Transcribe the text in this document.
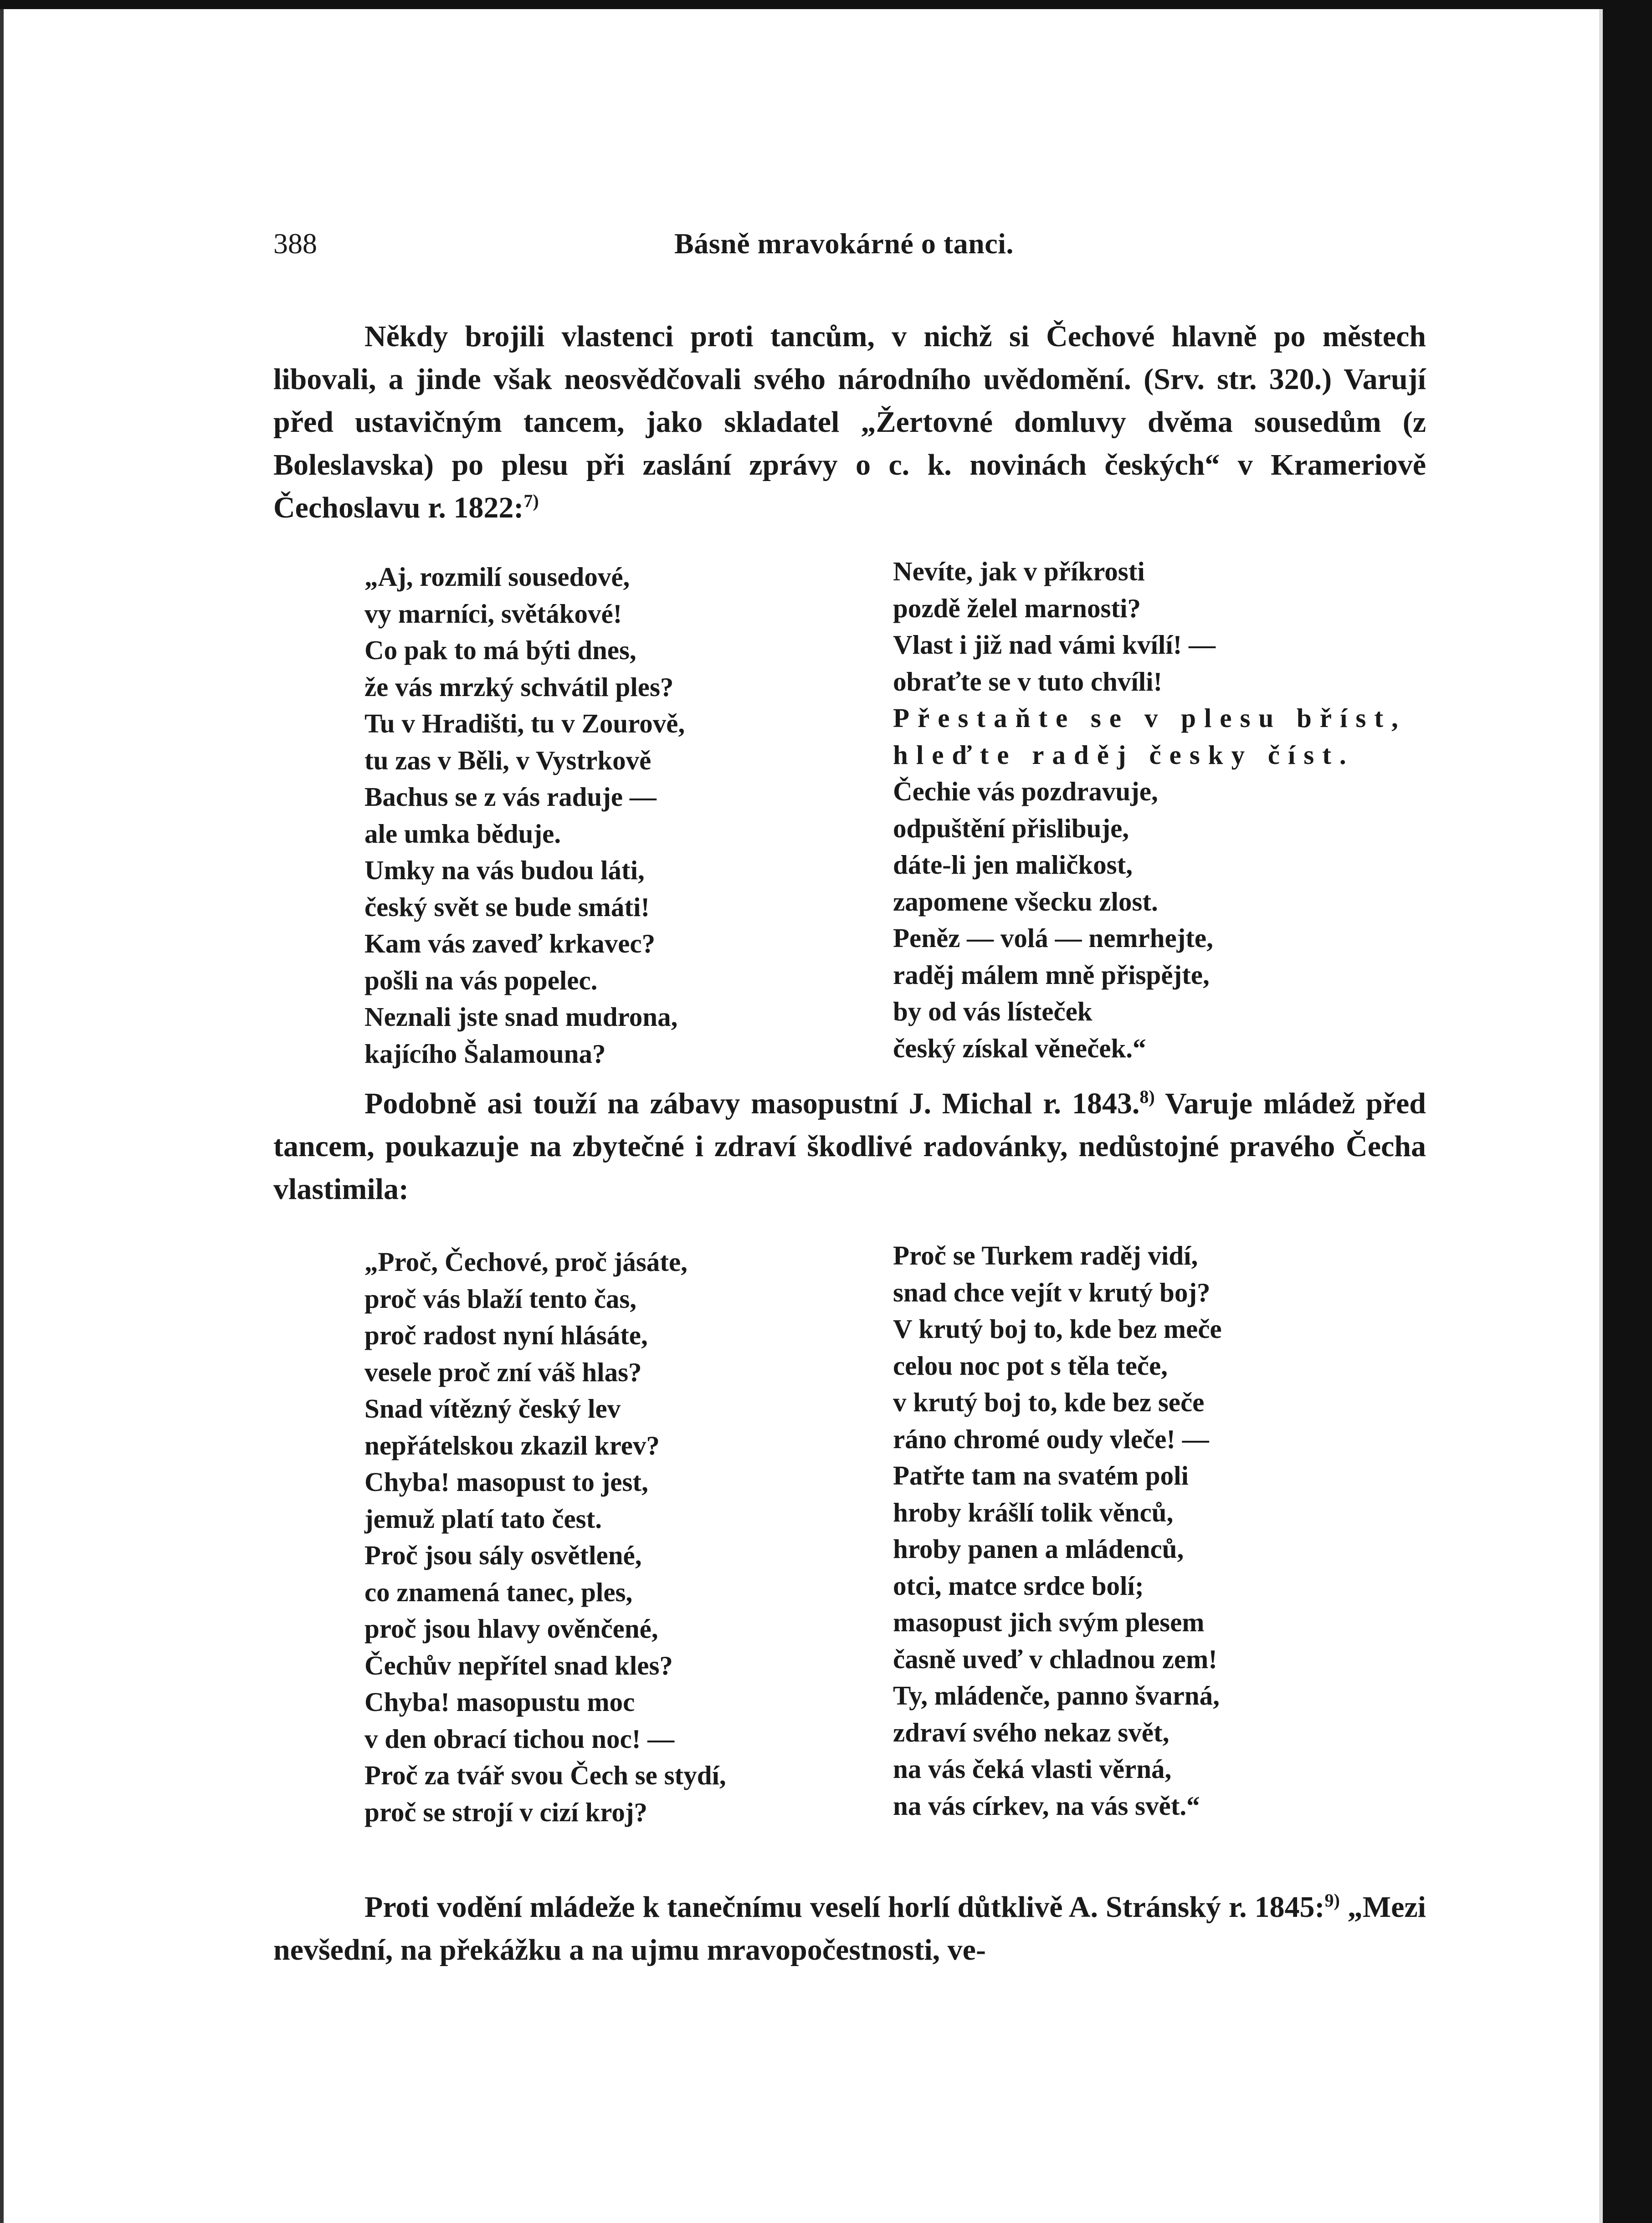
388	Básně mravokárné o tanci.

Někdy brojili vlastenci proti tancům, v nichž si Čechové hlavně po městech libovali, a jinde však neosvědčovali svého národního uvědomění. (Srv. str. 320.) Varují před ustavičným tancem, jako skladatel „Žertovné domluvy dvěma sousedům (z Boleslavska) po plesu při zaslání zprávy o c. k. novinách českých“ v Krameriově Čechoslavu r. 1822:$^{7)}$

„Aj, rozmilí sousedové,
vy marníci, světákové!
Co pak to má býti dnes,
že vás mrzký schvátil ples?
Tu v Hradišti, tu v Zourově,
tu zas v Běli, v Vystrkově
Bachus se z vás raduje —
ale umka běduje.
Umky na vás budou láti,
český svět se bude smáti!
Kam vás zaveď krkavec?
pošli na vás popelec.
Neznali jste snad mudrona,
kajícího Šalamouna?
Nevíte, jak v příkrosti
pozdě želel marnosti?
Vlast i již nad vámi kvílí! —
obraťte se v tuto chvíli!
Přestaňte se v plesu bříst,
hleďte raděj česky číst.
Čechie vás pozdravuje,
odpuštění přislibuje,
dáte-li jen maličkost,
zapomene všecku zlost.
Peněz — volá — nemrhejte,
raděj málem mně přispějte,
by od vás lísteček
český získal věneček.“

Podobně asi touží na zábavy masopustní J. Michal r. 1843.$^{8)}$ Varuje mládež před tancem, poukazuje na zbytečné i zdraví škodlivé radovánky, nedůstojné pravého Čecha vlastimila:

„Proč, Čechové, proč jásáte,
proč vás blaží tento čas,
proč radost nyní hlásáte,
vesele proč zní váš hlas?
Snad vítězný český lev
nepřátelskou zkazil krev?
Chyba! masopust to jest,
jemuž platí tato čest.
Proč jsou sály osvětlené,
co znamená tanec, ples,
proč jsou hlavy ověnčené,
Čechův nepřítel snad kles?
Chyba! masopustu moc
v den obrací tichou noc! —
Proč za tvář svou Čech se stydí,
proč se strojí v cizí kroj?
Proč se Turkem raděj vidí,
snad chce vejít v krutý boj?
V krutý boj to, kde bez meče
celou noc pot s těla teče,
v krutý boj to, kde bez seče
ráno chromé oudy vleče! —
Patřte tam na svatém poli
hroby krášlí tolik věnců,
hroby panen a mládenců,
otci, matce srdce bolí;
masopust jich svým plesem
časně uveď v chladnou zem!
Ty, mládenče, panno švarná,
zdraví svého nekaz svět,
na vás čeká vlasti věrná,
na vás církev, na vás svět.“

Proti vodění mládeže k tanečnímu veselí horlí důtklivě A. Stránský r. 1845:$^{9)}$ „Mezi nevšední, na překážku a na ujmu mravopočestnosti, ve-
